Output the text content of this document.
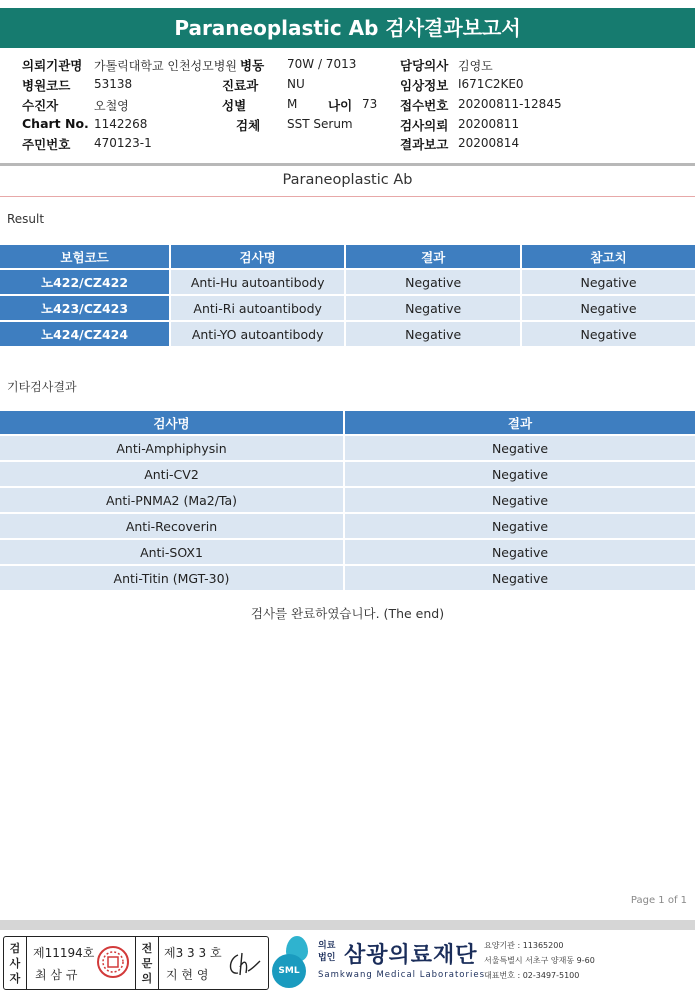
Paraneoplastic Ab 검사결과보고서
의뢰기관명 가톨릭대학교 인천성모병원 병동 70W / 7013	담당의사 김영도
병원코드 53138	진료과 NU	임상정보 I671C2KE0
수진자	오철영	성별	M 나이 73 접수번호 20200811-12845
Chart No. 1142268	검체 SST Serum	검사의뢰 20200811
주민번호 470123-1	결과보고 20200814
Paraneoplastic Ab
Result
보험코드	검사명	결과	참고치
노422/CZ422	Anti-Hu autoantibody	Negative	Negative
노423/CZ423	Anti-Ri autoantibody	Negative	Negative
노424/CZ424	Anti-YO autoantibody	Negative	Negative
기타검사결과
검사명	결과
Anti-Amphiphysin	Negative
Anti-CV2	Negative
Anti-PNMA2 (Ma2/Ta)	Negative
Anti-Recoverin	Negative
Anti-SOX1	Negative
Anti-Titin (MGT-30)	Negative
검사를 완료하였습니다. (The end)
Page 1 of 1
검
사
자
제11194호
최 삼 규
전
문
의
제3 3 3 호
지 현 영	SML
의료
법인 삼광의료재단
Samkwang Medical Laboratories
요양기관 : 11365200
서울특별시 서초구 양재동 9-60
대표번호 : 02-3497-5100
